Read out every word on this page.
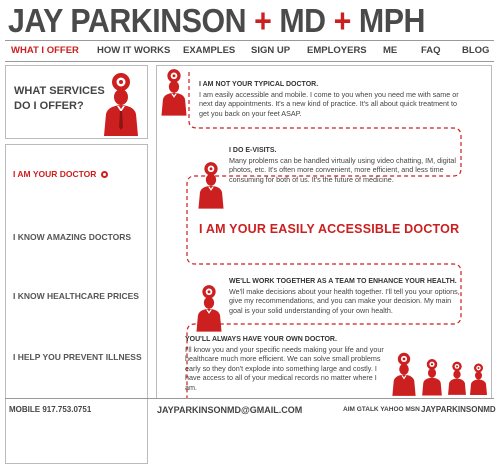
JAY PARKINSON + MD + MPH
WHAT I OFFER HOW IT WORKS EXAMPLES SIGN UP EMPLOYERS ME	FAQ BLOG
WHAT SERVICES
DO I OFFER?
I AM YOUR DOCTOR
I KNOW AMAZING DOCTORS
I KNOW HEALTHCARE PRICES
I HELP YOU PREVENT ILLNESS
I AM NOT YOUR TYPICAL DOCTOR.
I am easily accessible and mobile. I come to you when you need me with same or next day appointments. It's a new kind of practice. It's all about quick treatment to get you back on your feet ASAP.
I DO E-VISITS.
Many problems can be handled virtually using video chatting, IM, digital photos, etc. It's often more convenient, more efficient, and less time consuming for both of us. It's the future of medicine.
I AM YOUR EASILY ACCESSIBLE DOCTOR
WE'LL WORK TOGETHER AS A TEAM TO ENHANCE YOUR HEALTH.
We'll make decisions about your health together. I'll tell you your options, give my recommendations, and you can make your decision. My main goal is your solid understanding of your own health.
YOU'LL ALWAYS HAVE YOUR OWN DOCTOR.
I'll know you and your specific needs making your life and your healthcare much more efficient. We can solve small problems early so they don't explode into something large and costly. I have access to all of your medical records no matter where I am.
MOBILE 917.753.0751	JAYPARKINSONMD@GMAIL.COM	AIM GTALK YAHOO MSN JAYPARKINSONMD
